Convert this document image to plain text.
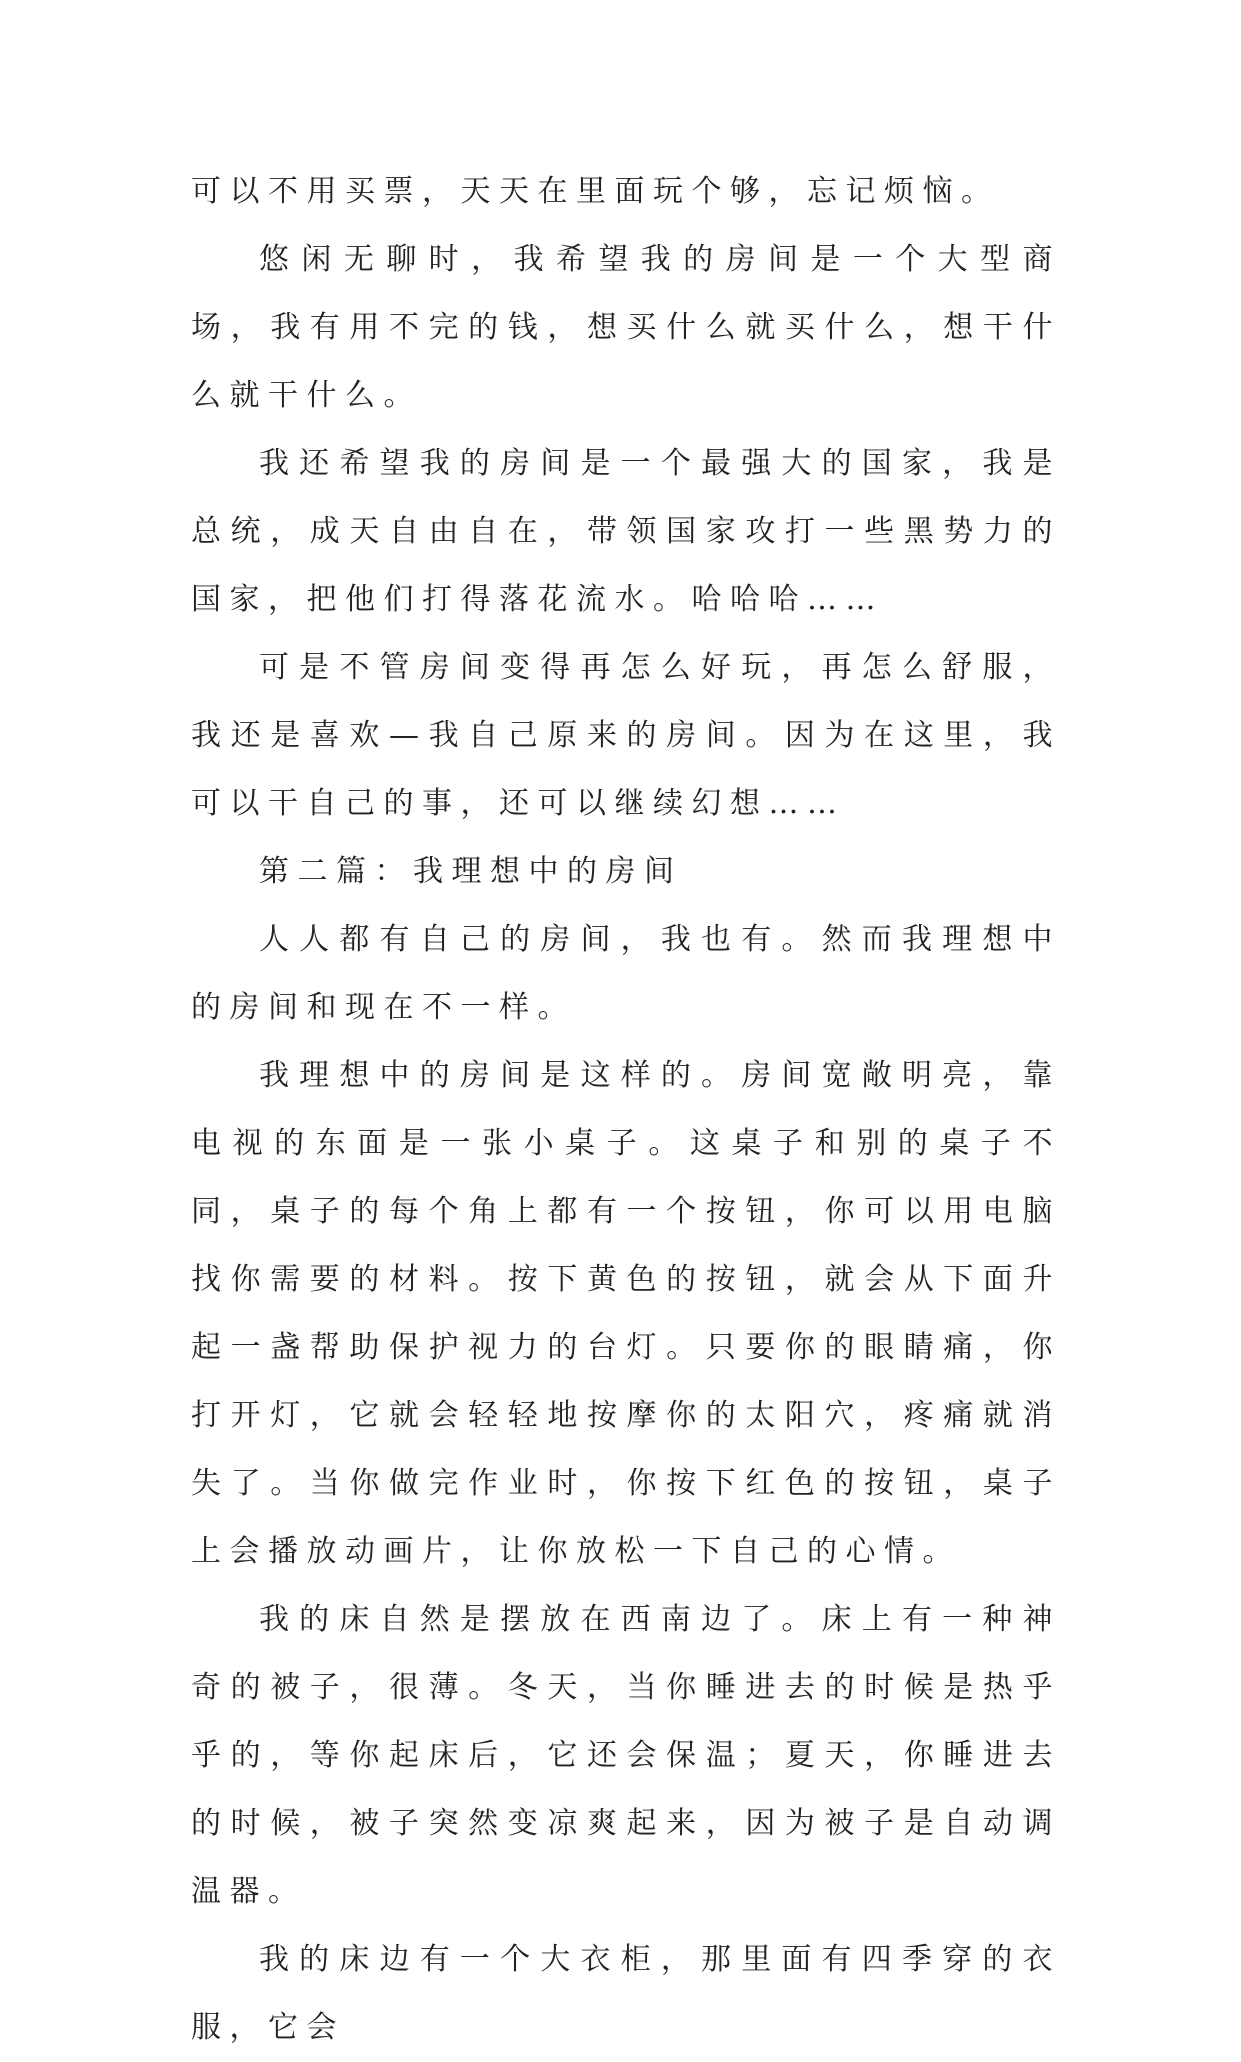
可以不用买票，天天在里面玩个够，忘记烦恼。

悠闲无聊时，我希望我的房间是一个大型商场，我有用不完的钱，想买什么就买什么，想干什么就干什么。

我还希望我的房间是一个最强大的国家，我是总统，成天自由自在，带领国家攻打一些黑势力的国家，把他们打得落花流水。哈哈哈……

可是不管房间变得再怎么好玩，再怎么舒服，我还是喜欢—我自己原来的房间。因为在这里，我可以干自己的事，还可以继续幻想……

第二篇：我理想中的房间

人人都有自己的房间，我也有。然而我理想中的房间和现在不一样。

我理想中的房间是这样的。房间宽敞明亮，靠电视的东面是一张小桌子。这桌子和别的桌子不同，桌子的每个角上都有一个按钮，你可以用电脑找你需要的材料。按下黄色的按钮，就会从下面升起一盏帮助保护视力的台灯。只要你的眼睛痛，你打开灯，它就会轻轻地按摩你的太阳穴，疼痛就消失了。当你做完作业时，你按下红色的按钮，桌子上会播放动画片，让你放松一下自己的心情。

我的床自然是摆放在西南边了。床上有一种神奇的被子，很薄。冬天，当你睡进去的时候是热乎乎的，等你起床后，它还会保温；夏天，你睡进去的时候，被子突然变凉爽起来，因为被子是自动调温器。

我的床边有一个大衣柜，那里面有四季穿的衣服，它会
